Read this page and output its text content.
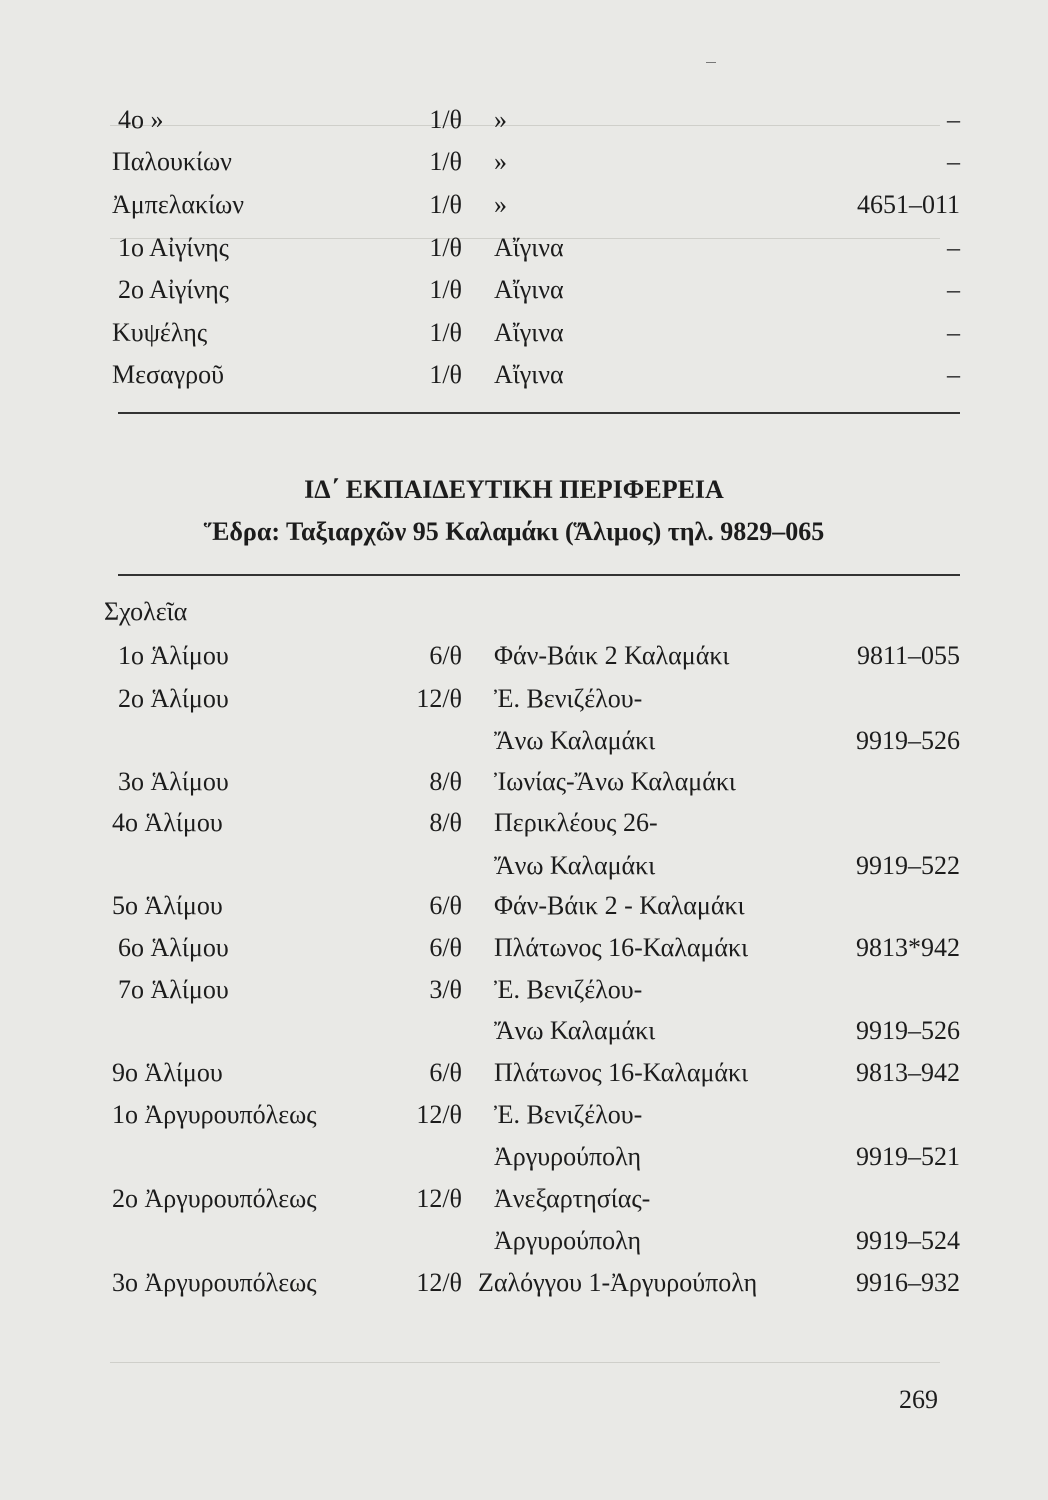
4ο »	1/θ »	–
Παλουκίων	1/θ »	–
Ἀμπελακίων	1/θ »	4651–011
1ο Αἰγίνης	1/θ Αἴγινα	–
2ο Αἰγίνης	1/θ Αἴγινα	–
Κυψέλης	1/θ Αἴγινα	–
Μεσαγροῦ	1/θ Αἴγινα	–
ΙΔ΄ ΕΚΠΑΙΔΕΥΤΙΚΗ ΠΕΡΙΦΕΡΕΙΑ
Ἕδρα: Ταξιαρχῶν 95 Καλαμάκι (Ἅλιμος) τηλ. 9829–065
Σχολεῖα
1ο Ἁλίμου	6/θ Φάν-Βάικ 2 Καλαμάκι	9811–055
2ο Ἁλίμου	12/θ Ἐ. Βενιζέλου-
Ἄνω Καλαμάκι	9919–526
3ο Ἁλίμου	8/θ Ἰωνίας-Ἄνω Καλαμάκι
4ο Ἁλίμου	8/θ Περικλέους 26-
Ἄνω Καλαμάκι	9919–522
5ο Ἁλίμου	6/θ Φάν-Βάικ 2 - Καλαμάκι
6ο Ἁλίμου	6/θ Πλάτωνος 16-Καλαμάκι	9813*942
7ο Ἁλίμου	3/θ Ἐ. Βενιζέλου-
Ἄνω Καλαμάκι	9919–526
9ο Ἁλίμου	6/θ Πλάτωνος 16-Καλαμάκι	9813–942
1ο Ἀργυρουπόλεως	12/θ Ἐ. Βενιζέλου-
Ἀργυρούπολη	9919–521
2ο Ἀργυρουπόλεως	12/θ Ἀνεξαρτησίας-
Ἀργυρούπολη	9919–524
3ο Ἀργυρουπόλεως	12/θ Ζαλόγγου 1-Ἀργυρούπολη	9916–932
269
